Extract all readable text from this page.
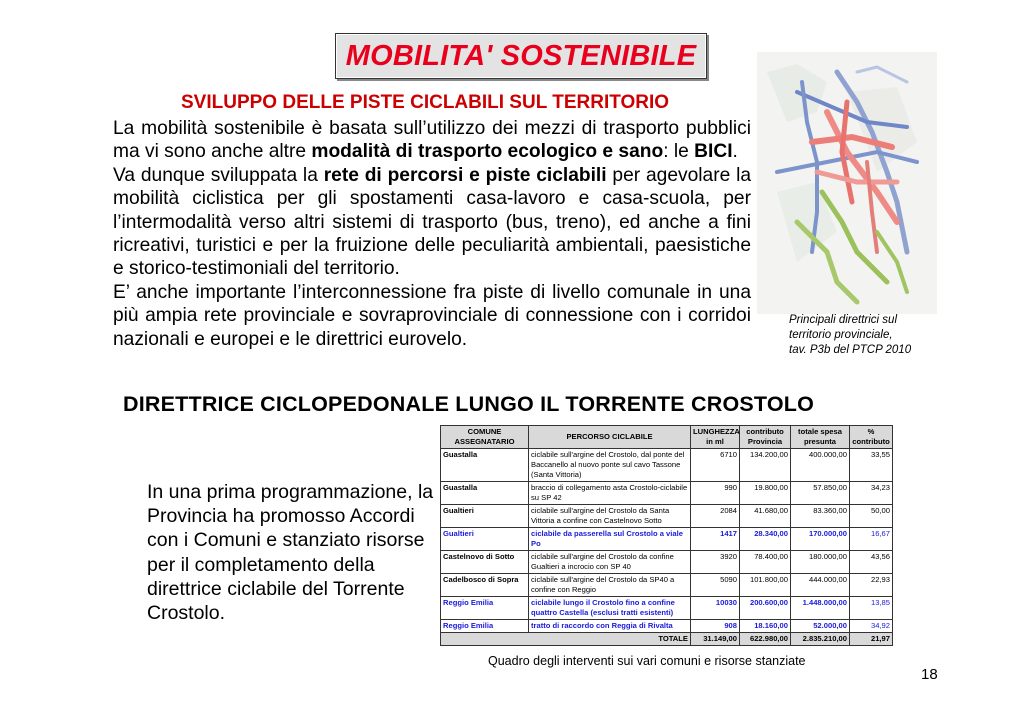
MOBILITA' SOSTENIBILE
SVILUPPO DELLE PISTE CICLABILI SUL TERRITORIO

La mobilità sostenibile è basata sull’utilizzo dei mezzi di trasporto pubblici ma vi sono anche altre modalità di trasporto ecologico e sano: le BICI.

Va dunque sviluppata la rete di percorsi e piste ciclabili per agevolare la mobilità ciclistica per gli spostamenti casa-lavoro e casa-scuola, per l’intermodalità verso altri sistemi di trasporto (bus, treno), ed anche a fini ricreativi, turistici e per la fruizione delle peculiarità ambientali, paesistiche e storico-testimoniali del territorio.

E’ anche importante l’interconnessione fra piste di livello comunale in una più ampia rete provinciale e sovraprovinciale di connessione con i corridoi nazionali e europei e le direttrici eurovelo.

Principali direttrici sul
territorio provinciale,
tav. P3b del PTCP 2010
DIRETTRICE CICLOPEDONALE LUNGO IL TORRENTE CROSTOLO
In una prima programmazione, la Provincia ha promosso Accordi con i Comuni e stanziato risorse per il completamento della direttrice ciclabile del Torrente Crostolo.
COMUNE ASSEGNATARIO	PERCORSO CICLABILE	LUNGHEZZA in ml	contributo Provincia	totale spesa presunta	% contributo
Guastalla	ciclabile sull'argine del Crostolo, dal ponte del Baccanello al nuovo ponte sul cavo Tassone (Santa Vittoria)	6710	134.200,00	400.000,00	33,55
Guastalla	braccio di collegamento asta Crostolo-ciclabile su SP 42	990	19.800,00	57.850,00	34,23
Gualtieri	ciclabile sull'argine del Crostolo da Santa Vittoria a confine con Castelnovo Sotto	2084	41.680,00	83.360,00	50,00
Gualtieri	ciclabile da passerella sul Crostolo a viale Po	1417	28.340,00	170.000,00	16,67
Castelnovo di Sotto	ciclabile sull'argine del Crostolo da confine Gualtieri a incrocio con SP 40	3920	78.400,00	180.000,00	43,56
Cadelbosco di Sopra	ciclabile sull'argine del Crostolo da SP40 a confine con Reggio	5090	101.800,00	444.000,00	22,93
Reggio Emilia	ciclabile lungo il Crostolo fino a confine quattro Castella (esclusi tratti esistenti)	10030	200.600,00	1.448.000,00	13,85
Reggio Emilia	tratto di raccordo con Reggia di Rivalta	908	18.160,00	52.000,00	34,92
TOTALE		31.149,00	622.980,00	2.835.210,00	21,97
Quadro degli interventi sui vari comuni e risorse stanziate
18
